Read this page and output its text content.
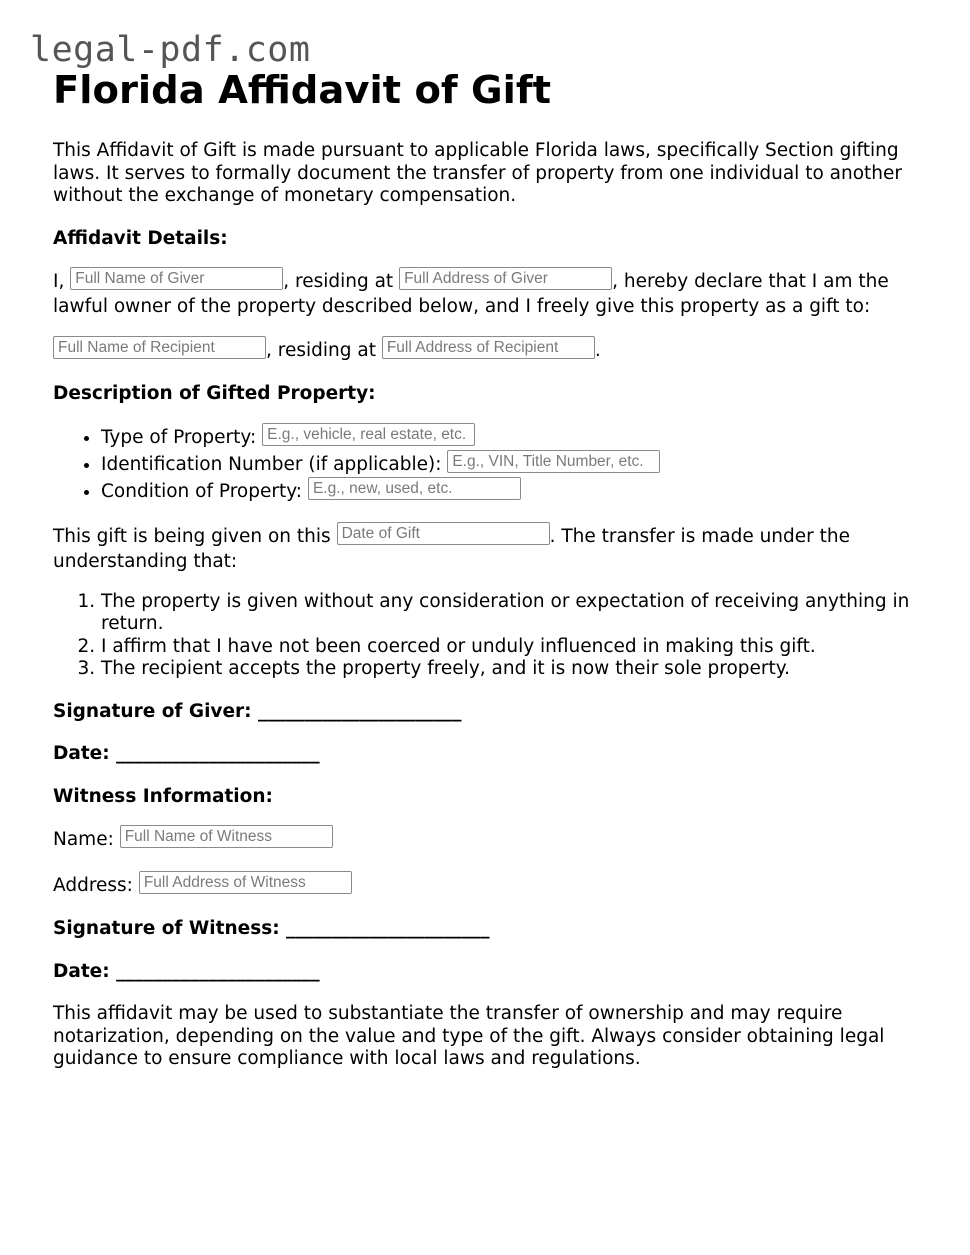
legal-pdf.com
Florida Affidavit of Gift

This Affidavit of Gift is made pursuant to applicable Florida laws, specifically Section gifting laws. It serves to formally document the transfer of property from one individual to another without the exchange of monetary compensation.

Affidavit Details:

I, Full Name of Giver	, residing at Full Address of Giver	, hereby declare that I am the lawful owner of the property described below, and I freely give this property as a gift to:

Full Name of Recipient	, residing at Full Address of Recipient .

Description of Gifted Property:

• Type of Property: E.g., vehicle, real estate, etc.
• Identification Number (if applicable): E.g., VIN, Title Number, etc.
• Condition of Property: E.g., new, used, etc.

This gift is being given on this Date of Gift	. The transfer is made under the understanding that:

1. The property is given without any consideration or expectation of receiving anything in return.
2. I affirm that I have not been coerced or unduly influenced in making this gift.
3. The recipient accepts the property freely, and it is now their sole property.

Signature of Giver: ______________________

Date: ______________________

Witness Information:

Name: Full Name of Witness

Address: Full Address of Witness

Signature of Witness: ______________________

Date: ______________________

This affidavit may be used to substantiate the transfer of ownership and may require notarization, depending on the value and type of the gift. Always consider obtaining legal guidance to ensure compliance with local laws and regulations.
